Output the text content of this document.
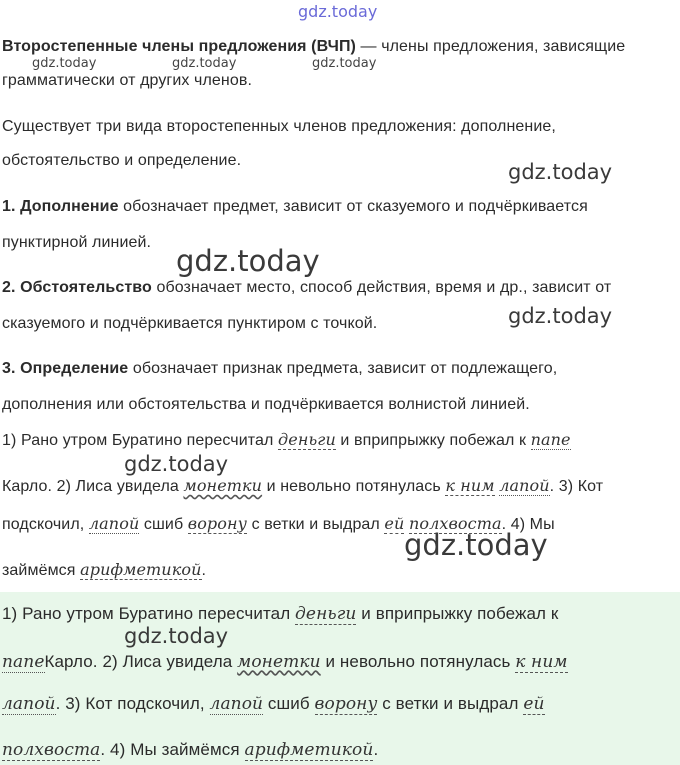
gdz.today
gdz.today	gdz.today	gdz.today
Второстепенные члены предложения (ВЧП) — члены предложения, зависящие
грамматически от других членов.
Существует три вида второстепенных членов предложения: дополнение,
обстоятельство и определение.	gdz.today
1. Дополнение обозначает предмет, зависит от сказуемого и подчёркивается
пунктирной линией.
gdz.today
2. Обстоятельство обозначает место, способ действия, время и др., зависит от
сказуемого и подчёркивается пунктиром с точкой.	gdz.today
3. Определение обозначает признак предмета, зависит от подлежащего,
дополнения или обстоятельства и подчёркивается волнистой линией.
1) Рано утром Буратино пересчитал деньги и вприпрыжку побежал к папе
gdz.today
Карло. 2) Лиса увидела монетки и невольно потянулась к ним лапой. 3) Кот
подскочил, лапой сшиб ворону с ветки и выдрал ей полхвоста. 4) Мы
gdz.today
займёмся арифметикой.
1) Рано утром Буратино пересчитал деньги и вприпрыжку побежал к
gdz.today
папеКарло. 2) Лиса увидела монетки и невольно потянулась к ним
лапой. 3) Кот подскочил, лапой сшиб ворону с ветки и выдрал ей
полхвоста. 4) Мы займёмся арифметикой.
